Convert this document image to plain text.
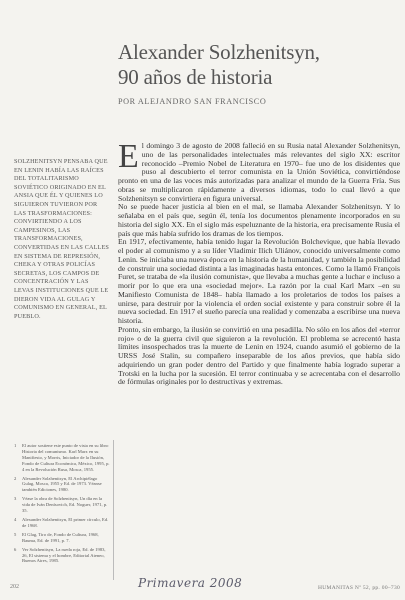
Alexander Solzhenitsyn,
90 años de historia
POR ALEJANDRO SAN FRANCISCO
SOLZHENITSYN PENSABA QUE EN LENIN HABÍA LAS RAÍCES DEL TOTALITARISMO SOVIÉTICO ORIGINADO EN EL ANSIA QUE ÉL Y QUIENES LO SIGUIERON TUVIERON POR LAS TRASFORMACIONES: CONVIRTIENDO A LOS CAMPESINOS, LAS TRANSFORMACIONES, CONVERTIDAS EN LAS CALLES EN SISTEMA DE REPRESIÓN, CHEKA Y OTRAS POLICÍAS SECRETAS, LOS CAMPOS DE CONCENTRACIÓN Y LAS LEVAS INSTITUCIONES QUE LE DIERON VIDA AL GULAG Y COMUNISMO EN GENERAL, EL PUEBLO.

El domingo 3 de agosto de 2008 falleció en su Rusia natal Alexander Solzhenitsyn, uno de las personalidades intelectuales más relevantes del siglo XX: escritor reconocido –Premio Nobel de Literatura en 1970– fue uno de los disidentes que puso al descubierto el terror comunista en la Unión Soviética, convirtiéndose pronto en una de las voces más autorizadas para analizar el mundo de la Guerra Fría. Sus obras se multiplicaron rápidamente a diversos idiomas, todo lo cual llevó a que Solzhenitsyn se convirtiera en figura universal.

No se puede hacer justicia al bien en el mal, se llamaba Alexander Solzhenitsyn. Y lo señalaba en el país que, según él, tenía los documentos plenamente incorporados en su historia del siglo XX. En el siglo más espeluznante de la historia, era precisamente Rusia el país que más había sufrido los dramas de los tiempos.

En 1917, efectivamente, había tenido lugar la Revolución Bolchevique, que había llevado el poder al comunismo y a su líder Vladimir Ilich Uliánov, conocido universalmente como Lenin. Se iniciaba una nueva época en la historia de la humanidad, y también la posibilidad de construir una sociedad distinta a las imaginadas hasta entonces. Como la llamó François Furet, se trataba de «la ilusión comunista», que llevaba a muchas gente a luchar e incluso a morir por lo que era una «sociedad mejor». La razón por la cual Karl Marx –en su Manifiesto Comunista de 1848– había llamado a los proletarios de todos los países a unirse, para destruir por la violencia el orden social existente y para construir sobre él la nueva sociedad. En 1917 el sueño parecía una realidad y comenzaba a escribirse una nueva historia.

Pronto, sin embargo, la ilusión se convirtió en una pesadilla. No sólo en los años del «terror rojo» o de la guerra civil que siguieron a la revolución. El problema se acrecentó hasta límites insospechados tras la muerte de Lenin en 1924, cuando asumió el gobierno de la URSS José Stalin, su compañero inseparable de los años previos, que había sido adquiriendo un gran poder dentro del Partido y que finalmente había logrado superar a Trotski en la lucha por la sucesión. El terror continuaba y se acrecentaba con el desarrollo de fórmulas originales por lo destructivas y extremas.

1	El autor sostiene este punto de vista en su libro Historia del comunismo. Karl Marx en su Manifiesto, y Morris, Iniciador de la Ilusión, Fondo de Cultura Económica, México, 1995, p. 4 en la Revolución Rusa, Mosca, 1955.
2	Alexander Solzhenitsyn, El Archipiélago Gulag, Mosca, 1955 y Ed. de 1973. Véanse también Ediciones, 1980.
3	Véase la obra de Solzhenitsyn, Un día en la vida de Iván Denísovich, Ed. Noguer, 1971, p. 35.
4	Alexander Solzhenitsyn, El primer círculo, Ed. de 1968.
5	El Glag, Tiro de, Fondo de Cultura, 1968, Bauma, Ed. de 1991, p. 7.
6	Ver Solzhenitsyn, La rueda roja, Ed. de 1983, 26, El sistema y el hombre, Editorial Ateneo, Buenos Aires, 1985.
202	Primavera 2008	HUMANITAS Nº 52, pp. 00–730
